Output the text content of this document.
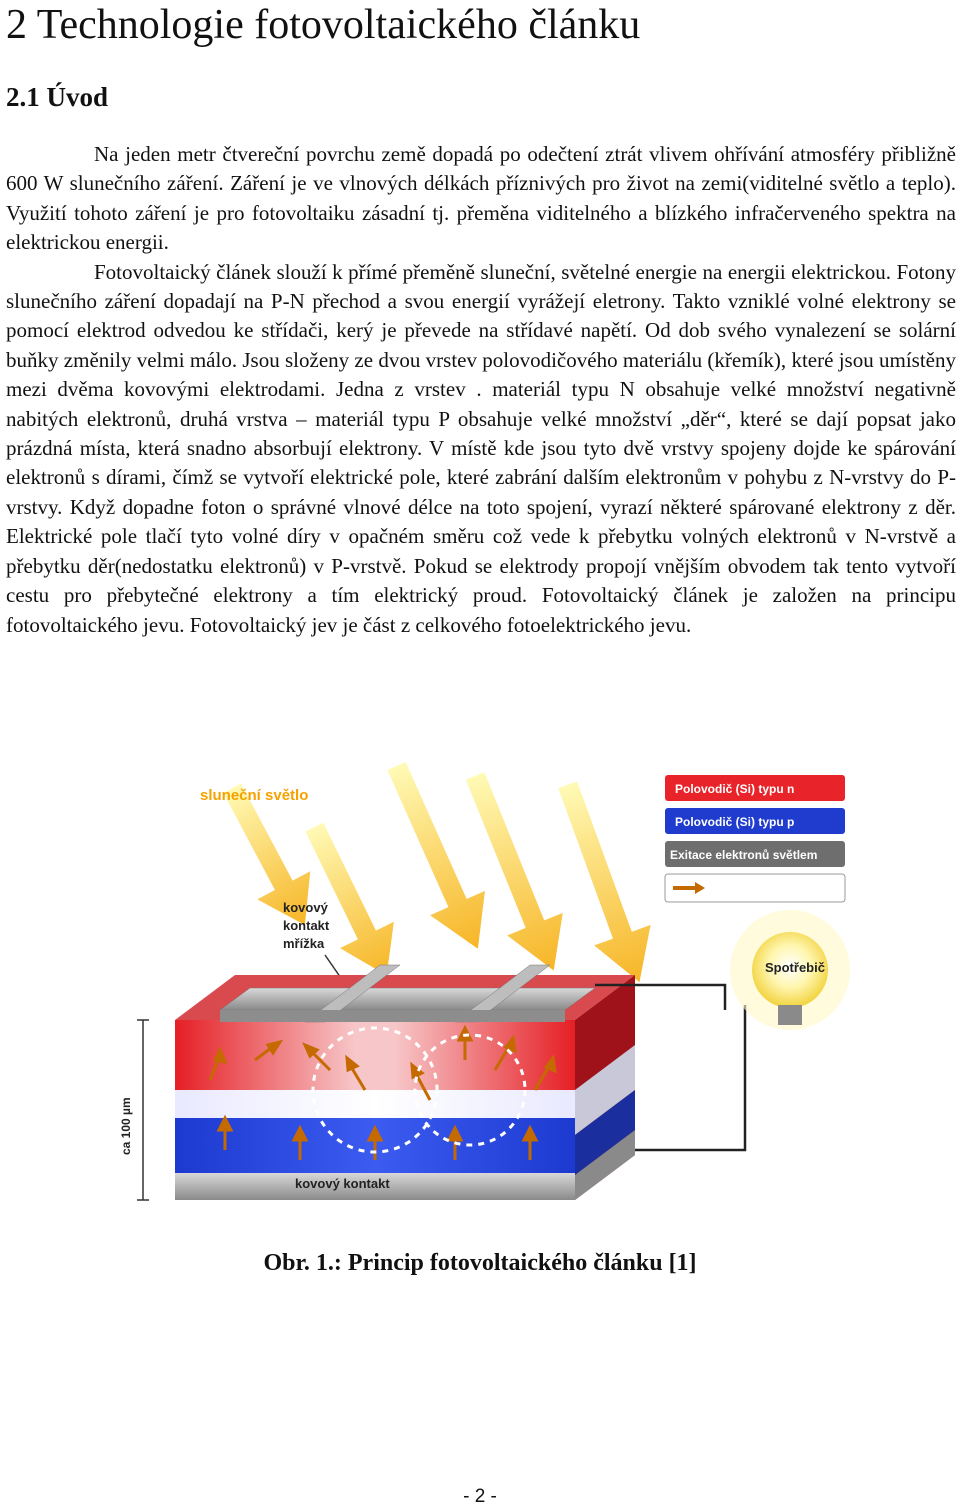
2 Technologie fotovoltaického článku
2.1 Úvod

Na jeden metr čtvereční povrchu země dopadá po odečtení ztrát vlivem ohřívání atmosféry přibližně 600 W slunečního záření. Záření je ve vlnových délkách příznivých pro život na zemi(viditelné světlo a teplo). Využití tohoto záření je pro fotovoltaiku zásadní tj. přeměna viditelného a blízkého infračerveného spektra na elektrickou energii.

Fotovoltaický článek slouží k přímé přeměně sluneční, světelné energie na energii elektrickou. Fotony slunečního záření dopadají na P-N přechod a svou energií vyrážejí eletrony. Takto vzniklé volné elektrony se pomocí elektrod odvedou ke střídači, kerý je převede na střídavé napětí. Od dob svého vynalezení se solární buňky změnily velmi málo. Jsou složeny ze dvou vrstev polovodičového materiálu (křemík), které jsou umístěny mezi dvěma kovovými elektrodami. Jedna z vrstev . materiál typu N obsahuje velké množství negativně nabitých elektronů, druhá vrstva – materiál typu P obsahuje velké množství „děr“, které se dají popsat jako prázdná místa, která snadno absorbují elektrony. V místě kde jsou tyto dvě vrstvy spojeny dojde ke spárování elektronů s dírami, čímž se vytvoří elektrické pole, které zabrání dalším elektronům v pohybu z N-vrstvy do P-vrstvy. Když dopadne foton o správné vlnové délce na toto spojení, vyrazí některé spárované elektrony z děr. Elektrické pole tlačí tyto volné díry v opačném směru což vede k přebytku volných elektronů v N-vrstvě a přebytku děr(nedostatku elektronů) v P-vrstvě. Pokud se elektrody propojí vnějším obvodem tak tento vytvoří cestu pro přebytečné elektrony a tím elektrický proud. Fotovoltaický článek je založen na principu fotovoltaického jevu. Fotovoltaický jev je část z celkového fotoelektrického jevu.

sluneční světlo
kovový
kontakt
mřížka
ca 100 µm
kovový kontakt
Spotřebič
Polovodič (Si) typu n
Polovodič (Si) typu p
Exitace elektronů světlem
Obr. 1.: Princip fotovoltaického článku [1]
- 2 -
